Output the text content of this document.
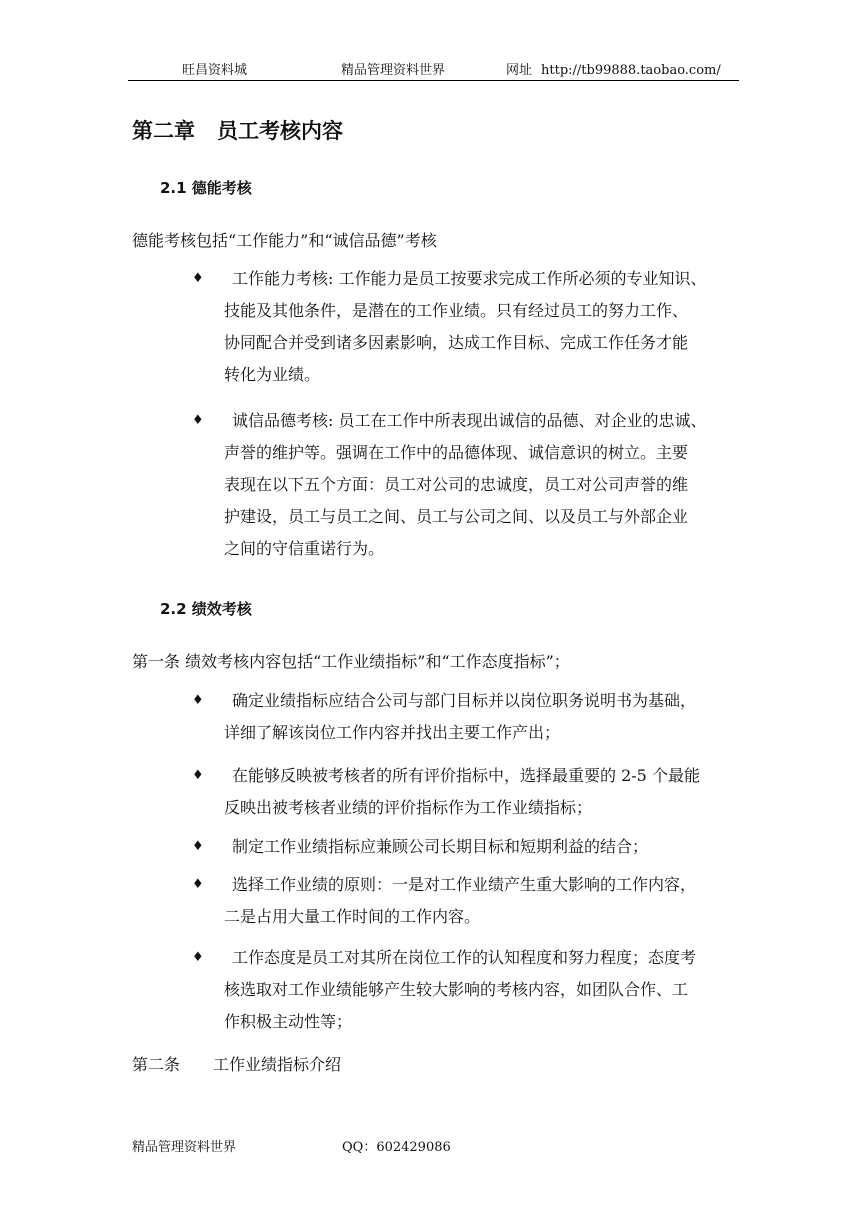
旺昌资料城	精品管理资料世界	网址 http://tb99888.taobao.com/
第二章 员工考核内容
2.1 德能考核
德能考核包括“工作能力”和“诚信品德”考核
♦	工作能力考核: 工作能力是员工按要求完成工作所必须的专业知识、
技能及其他条件，是潜在的工作业绩。只有经过员工的努力工作、
协同配合并受到诸多因素影响，达成工作目标、完成工作任务才能
转化为业绩。
♦	诚信品德考核: 员工在工作中所表现出诚信的品德、对企业的忠诚、
声誉的维护等。强调在工作中的品德体现、诚信意识的树立。主要
表现在以下五个方面：员工对公司的忠诚度，员工对公司声誉的维
护建设，员工与员工之间、员工与公司之间、以及员工与外部企业
之间的守信重诺行为。
2.2 绩效考核
第一条 绩效考核内容包括“工作业绩指标”和“工作态度指标”；
♦	确定业绩指标应结合公司与部门目标并以岗位职务说明书为基础，
详细了解该岗位工作内容并找出主要工作产出；
♦	在能够反映被考核者的所有评价指标中，选择最重要的 2-5 个最能
反映出被考核者业绩的评价指标作为工作业绩指标；
♦	制定工作业绩指标应兼顾公司长期目标和短期利益的结合；
♦	选择工作业绩的原则：一是对工作业绩产生重大影响的工作内容，
二是占用大量工作时间的工作内容。
♦	工作态度是员工对其所在岗位工作的认知程度和努力程度；态度考
核选取对工作业绩能够产生较大影响的考核内容，如团队合作、工
作积极主动性等；
第二条 工作业绩指标介绍
精品管理资料世界	QQ：602429086
